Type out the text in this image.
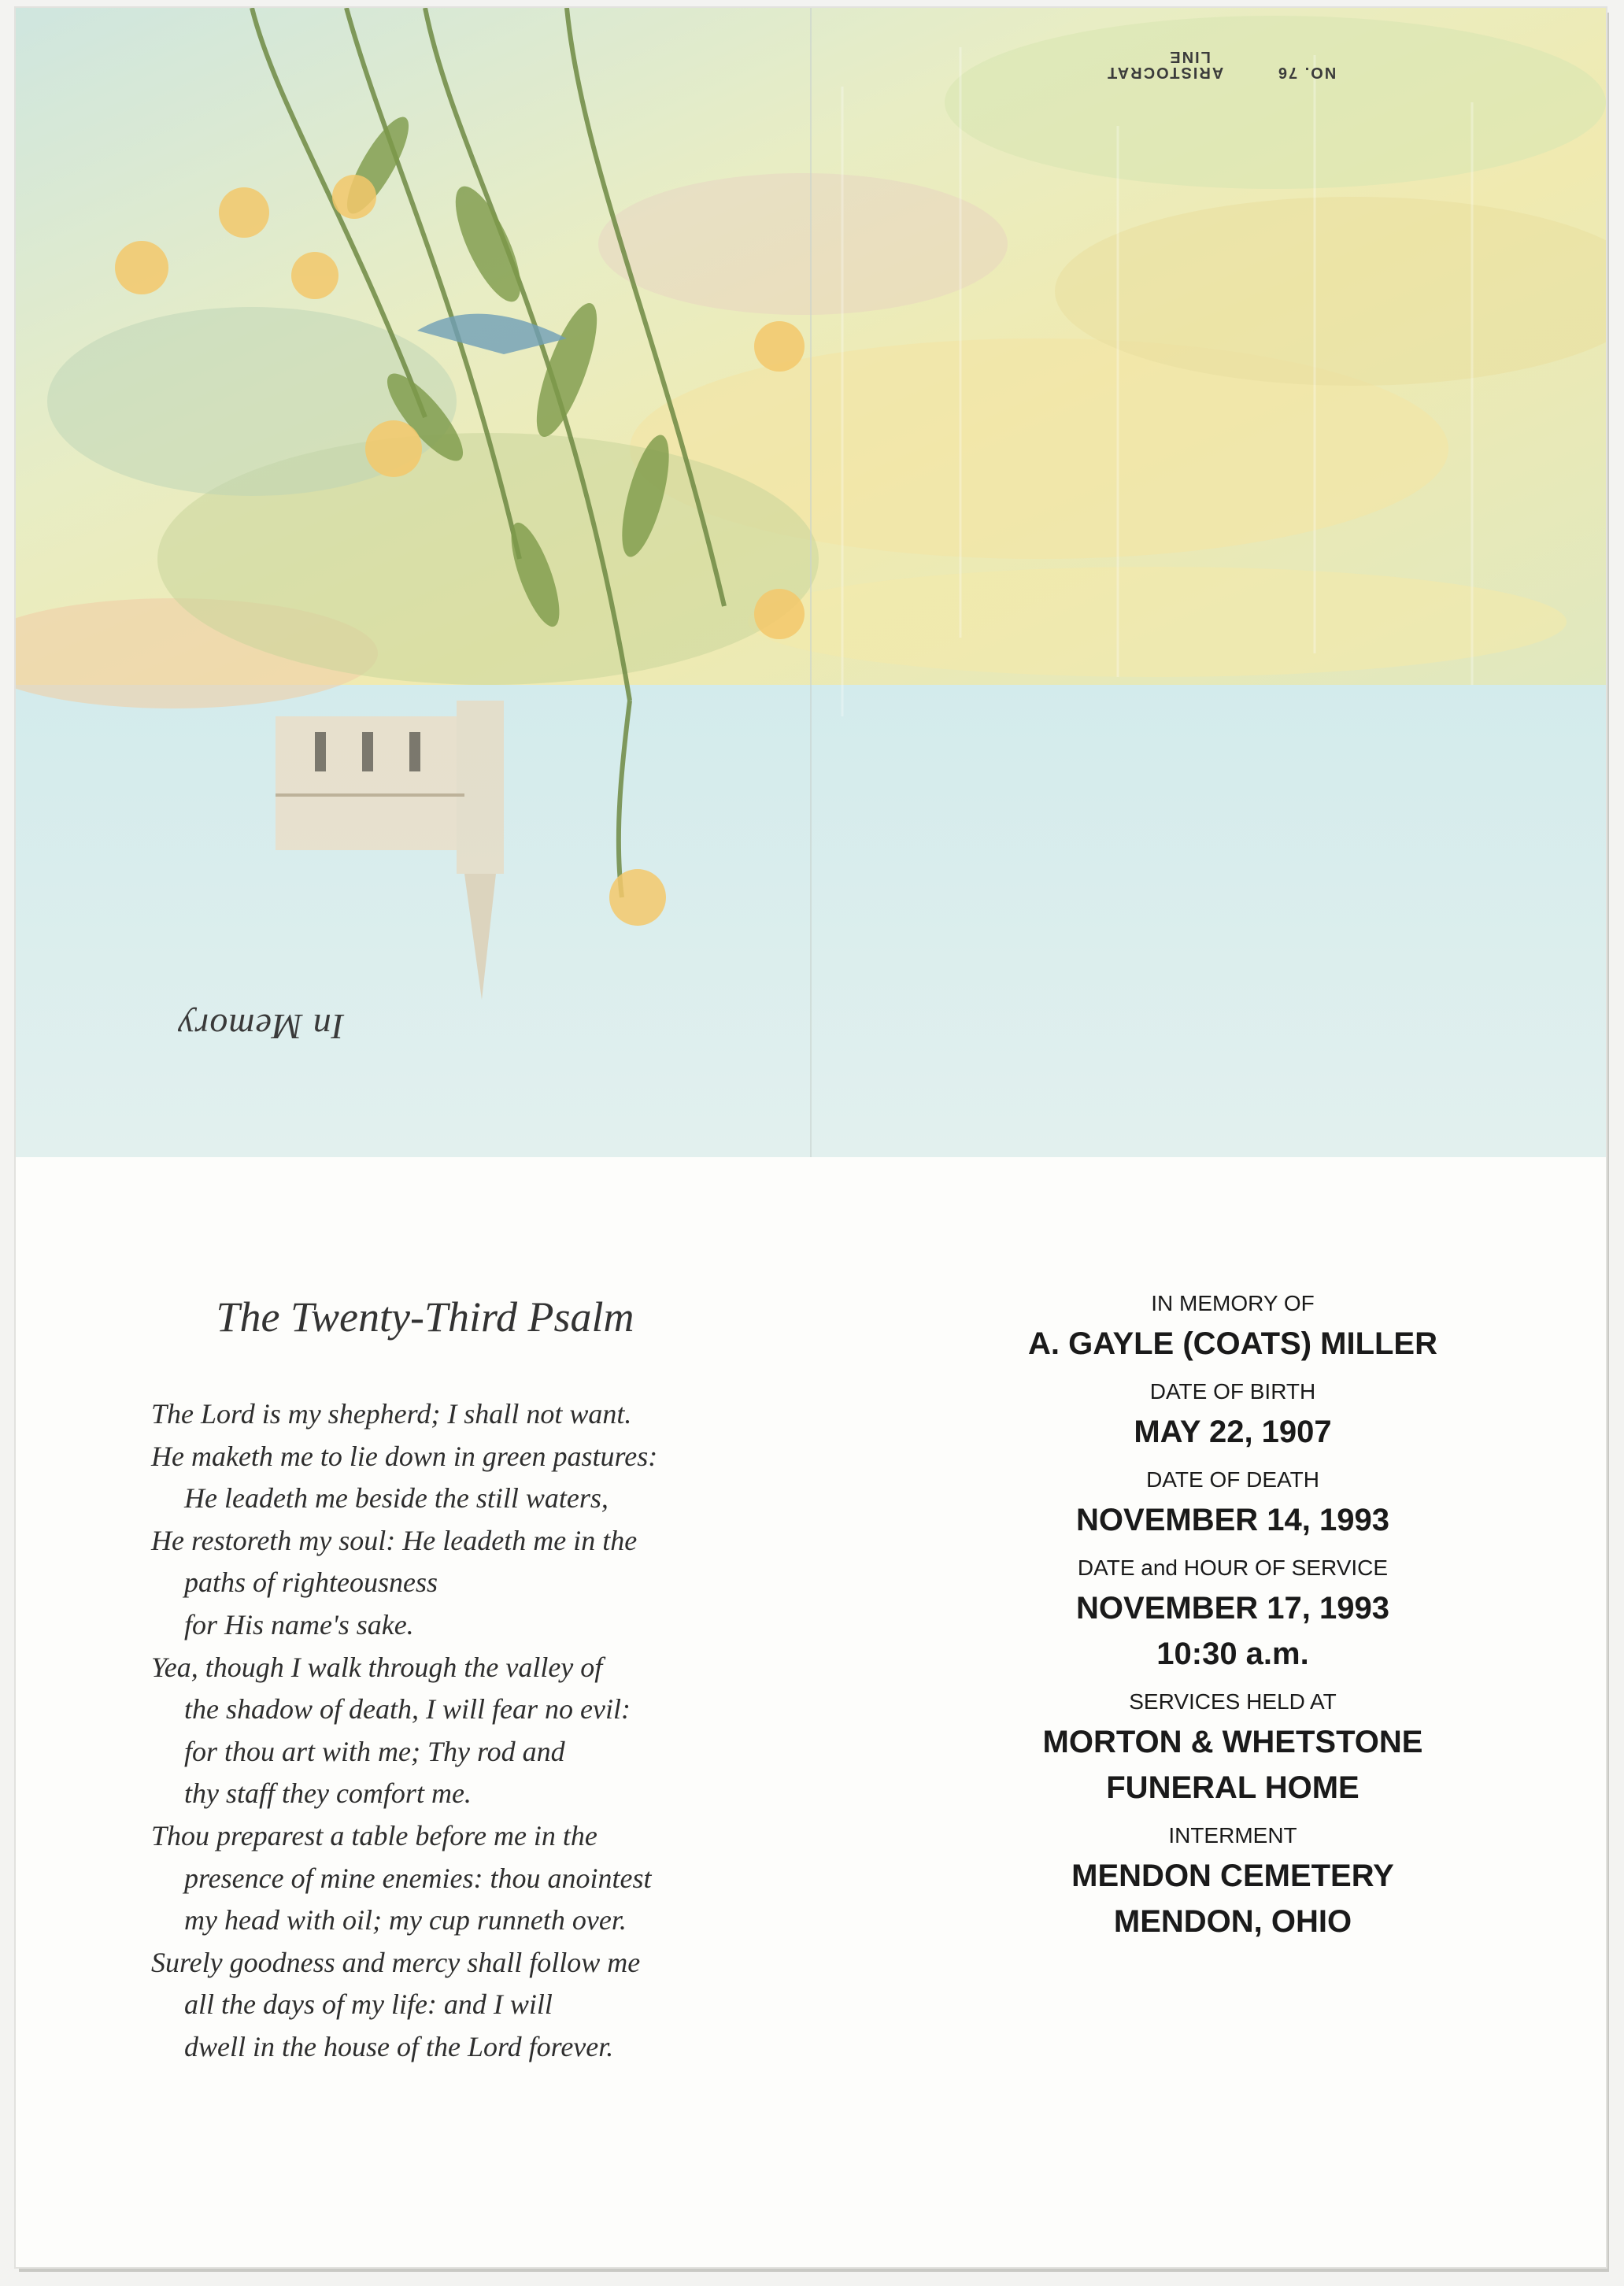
In Memory
NO. 76 ARISTOCRAT
LINE
The Twenty-Third Psalm
The Lord is my shepherd; I shall not want.
He maketh me to lie down in green pastures:
He leadeth me beside the still waters,
He restoreth my soul: He leadeth me in the
paths of righteousness
for His name's sake.
Yea, though I walk through the valley of
the shadow of death, I will fear no evil:
for thou art with me; Thy rod and
thy staff they comfort me.
Thou preparest a table before me in the
presence of mine enemies: thou anointest
my head with oil; my cup runneth over.
Surely goodness and mercy shall follow me
all the days of my life: and I will
dwell in the house of the Lord forever.
IN MEMORY OF
A. GAYLE (COATS) MILLER
DATE OF BIRTH
MAY 22, 1907
DATE OF DEATH
NOVEMBER 14, 1993
DATE and HOUR OF SERVICE
NOVEMBER 17, 1993
10:30 a.m.
SERVICES HELD AT
MORTON & WHETSTONE
FUNERAL HOME
INTERMENT
MENDON CEMETERY
MENDON, OHIO
